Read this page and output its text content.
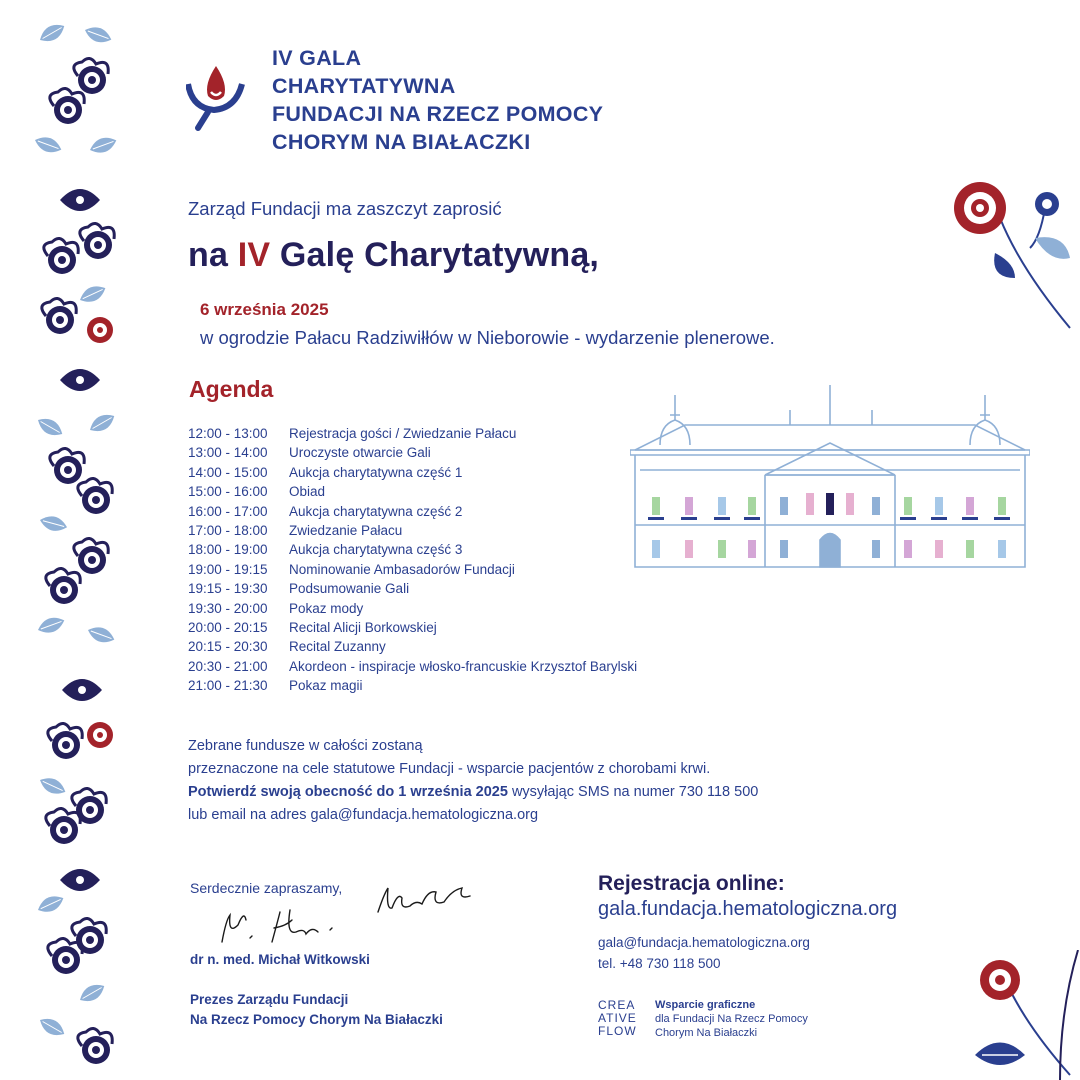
IV GALA
CHARYTATYWNA
FUNDACJI NA RZECZ POMOCY
CHORYM NA BIAŁACZKI
Zarząd Fundacji ma zaszczyt zaprosić
na IV Galę Charytatywną,
6 września 2025
w ogrodzie Pałacu Radziwiłłów w Nieborowie - wydarzenie plenerowe.
Agenda
12:00 - 13:00 Rejestracja gości / Zwiedzanie Pałacu
13:00 - 14:00 Uroczyste otwarcie Gali
14:00 - 15:00 Aukcja charytatywna część 1
15:00 - 16:00 Obiad
16:00 - 17:00 Aukcja charytatywna część 2
17:00 - 18:00 Zwiedzanie Pałacu
18:00 - 19:00 Aukcja charytatywna część 3
19:00 - 19:15 Nominowanie Ambasadorów Fundacji
19:15 - 19:30 Podsumowanie Gali
19:30 - 20:00 Pokaz mody
20:00 - 20:15 Recital Alicji Borkowskiej
20:15 - 20:30 Recital Zuzanny
20:30 - 21:00 Akordeon - inspiracje włosko-francuskie Krzysztof Barylski
21:00 - 21:30 Pokaz magii

Zebrane fundusze w całości zostaną

przeznaczone na cele statutowe Fundacji - wsparcie pacjentów z chorobami krwi.

Potwierdź swoją obecność do 1 września 2025 wysyłając SMS na numer 730 118 500

lub email na adres gala@fundacja.hematologiczna.org

Serdecznie zapraszamy,
dr n. med. Michał Witkowski
Prezes Zarządu Fundacji
Na Rzecz Pomocy Chorym Na Białaczki
Rejestracja online:
gala.fundacja.hematologiczna.org
gala@fundacja.hematologiczna.org
tel. +48 730 118 500
CREA
ATIVE
FLOW
Wsparcie graficzne
dla Fundacji Na Rzecz Pomocy
Chorym Na Białaczki
